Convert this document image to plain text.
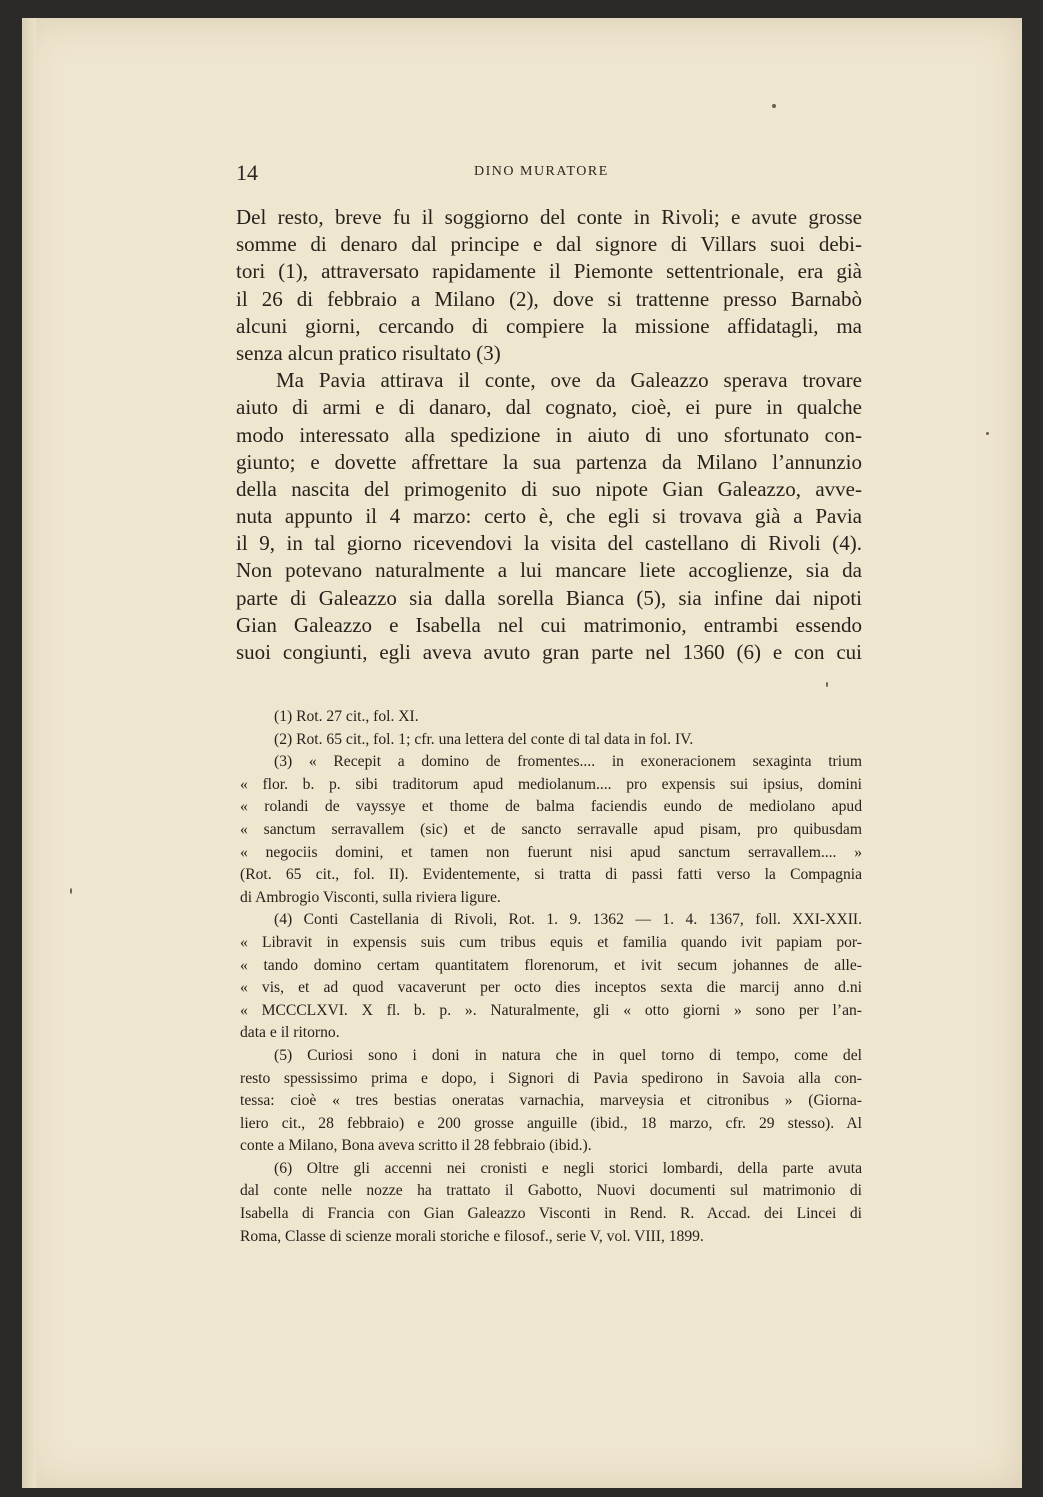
14	DINO MURATORE
Del resto, breve fu il soggiorno del conte in Rivoli; e avute grosse
somme di denaro dal principe e dal signore di Villars suoi debi-
tori (1), attraversato rapidamente il Piemonte settentrionale, era già
il 26 di febbraio a Milano (2), dove si trattenne presso Barnabò
alcuni giorni, cercando di compiere la missione affidatagli, ma
senza alcun pratico risultato (3)
Ma Pavia attirava il conte, ove da Galeazzo sperava trovare
aiuto di armi e di danaro, dal cognato, cioè, ei pure in qualche
modo interessato alla spedizione in aiuto di uno sfortunato con-
giunto; e dovette affrettare la sua partenza da Milano l’annunzio
della nascita del primogenito di suo nipote Gian Galeazzo, avve-
nuta appunto il 4 marzo: certo è, che egli si trovava già a Pavia
il 9, in tal giorno ricevendovi la visita del castellano di Rivoli (4).
Non potevano naturalmente a lui mancare liete accoglienze, sia da
parte di Galeazzo sia dalla sorella Bianca (5), sia infine dai nipoti
Gian Galeazzo e Isabella nel cui matrimonio, entrambi essendo
suoi congiunti, egli aveva avuto gran parte nel 1360 (6) e con cui
(1) Rot. 27 cit., fol. XI.
(2) Rot. 65 cit., fol. 1; cfr. una lettera del conte di tal data in fol. IV.
(3) « Recepit a domino de fromentes.... in exoneracionem sexaginta trium
« flor. b. p. sibi traditorum apud mediolanum.... pro expensis sui ipsius, domini
« rolandi de vayssye et thome de balma faciendis eundo de mediolano apud
« sanctum serravallem (sic) et de sancto serravalle apud pisam, pro quibusdam
« negociis domini, et tamen non fuerunt nisi apud sanctum serravallem.... »
(Rot. 65 cit., fol. II). Evidentemente, si tratta di passi fatti verso la Compagnia
di Ambrogio Visconti, sulla riviera ligure.
(4) Conti Castellania di Rivoli, Rot. 1. 9. 1362 — 1. 4. 1367, foll. XXI-XXII.
« Libravit in expensis suis cum tribus equis et familia quando ivit papiam por-
« tando domino certam quantitatem florenorum, et ivit secum johannes de alle-
« vis, et ad quod vacaverunt per octo dies inceptos sexta die marcij anno d.ni
« MCCCLXVI. X fl. b. p. ». Naturalmente, gli « otto giorni » sono per l’an-
data e il ritorno.
(5) Curiosi sono i doni in natura che in quel torno di tempo, come del
resto spessissimo prima e dopo, i Signori di Pavia spedirono in Savoia alla con-
tessa: cioè « tres bestias oneratas varnachia, marveysia et citronibus » (Giorna-
liero cit., 28 febbraio) e 200 grosse anguille (ibid., 18 marzo, cfr. 29 stesso). Al
conte a Milano, Bona aveva scritto il 28 febbraio (ibid.).
(6) Oltre gli accenni nei cronisti e negli storici lombardi, della parte avuta
dal conte nelle nozze ha trattato il Gabotto, Nuovi documenti sul matrimonio di
Isabella di Francia con Gian Galeazzo Visconti in Rend. R. Accad. dei Lincei di
Roma, Classe di scienze morali storiche e filosof., serie V, vol. VIII, 1899.
